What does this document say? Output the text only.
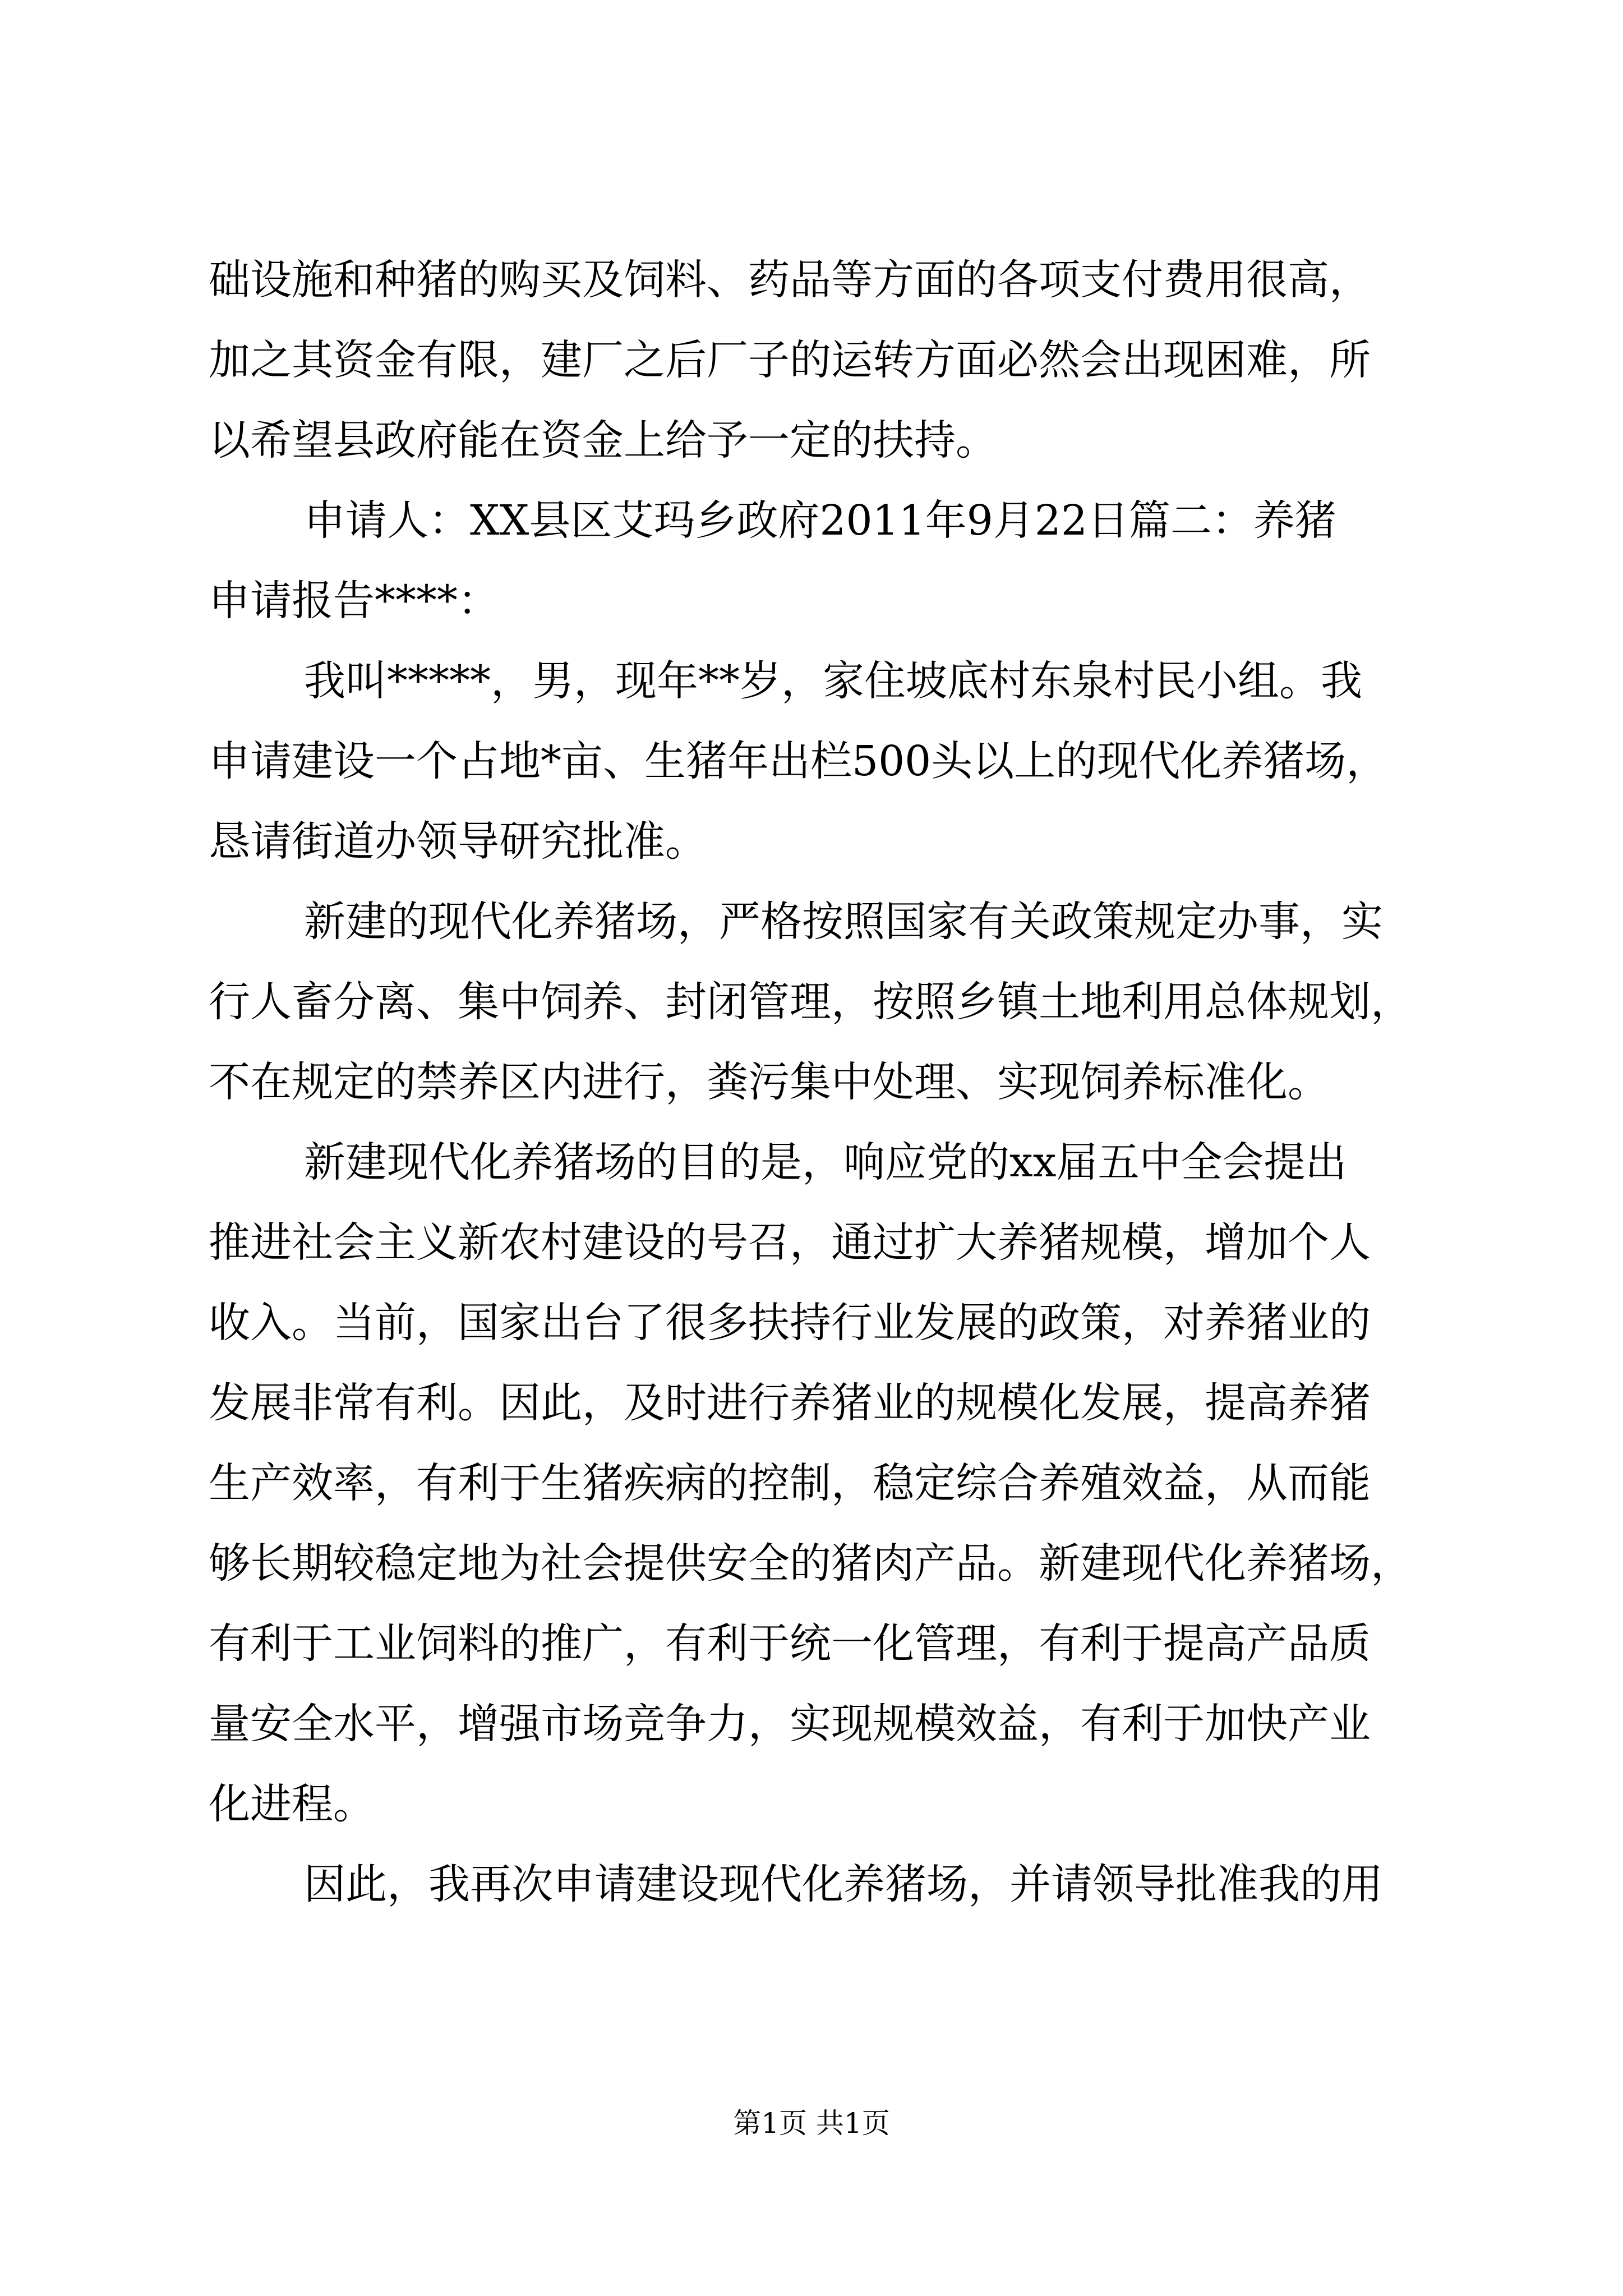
础设施和种猪的购买及饲料、药品等方面的各项支付费用很高，
加之其资金有限，建厂之后厂子的运转方面必然会出现困难，所
以希望县政府能在资金上给予一定的扶持。
申请人：XX县区艾玛乡政府2011年9月22日篇二：养猪
申请报告****：
我叫*****，男，现年**岁，家住坡底村东泉村民小组。我
申请建设一个占地*亩、生猪年出栏500头以上的现代化养猪场，
恳请街道办领导研究批准。
新建的现代化养猪场，严格按照国家有关政策规定办事，实
行人畜分离、集中饲养、封闭管理，按照乡镇土地利用总体规划，
不在规定的禁养区内进行，粪污集中处理、实现饲养标准化。
新建现代化养猪场的目的是，响应党的xx届五中全会提出
推进社会主义新农村建设的号召，通过扩大养猪规模，增加个人
收入。当前，国家出台了很多扶持行业发展的政策，对养猪业的
发展非常有利。因此，及时进行养猪业的规模化发展，提高养猪
生产效率，有利于生猪疾病的控制，稳定综合养殖效益，从而能
够长期较稳定地为社会提供安全的猪肉产品。新建现代化养猪场，
有利于工业饲料的推广，有利于统一化管理，有利于提高产品质
量安全水平，增强市场竞争力，实现规模效益，有利于加快产业
化进程。
因此，我再次申请建设现代化养猪场，并请领导批准我的用
第1页 共1页
